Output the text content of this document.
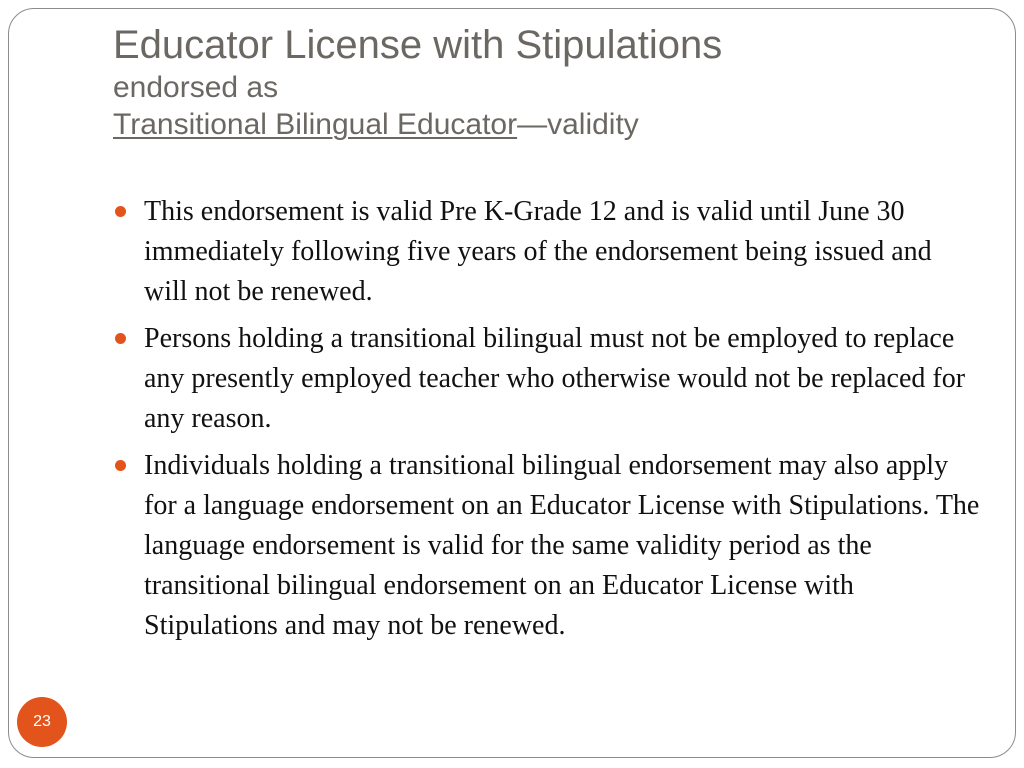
Educator License with Stipulations
endorsed as
Transitional Bilingual Educator—validity
This endorsement is valid Pre K-Grade 12 and is valid until June 30 immediately following five years of the endorsement being issued and will not be renewed.
Persons holding a transitional bilingual must not be employed to replace any presently employed teacher who otherwise would not be replaced for any reason.
Individuals holding a transitional bilingual endorsement may also apply for a language endorsement on an Educator License with Stipulations. The language endorsement is valid for the same validity period as the transitional bilingual endorsement on an Educator License with Stipulations and may not be renewed.
23
